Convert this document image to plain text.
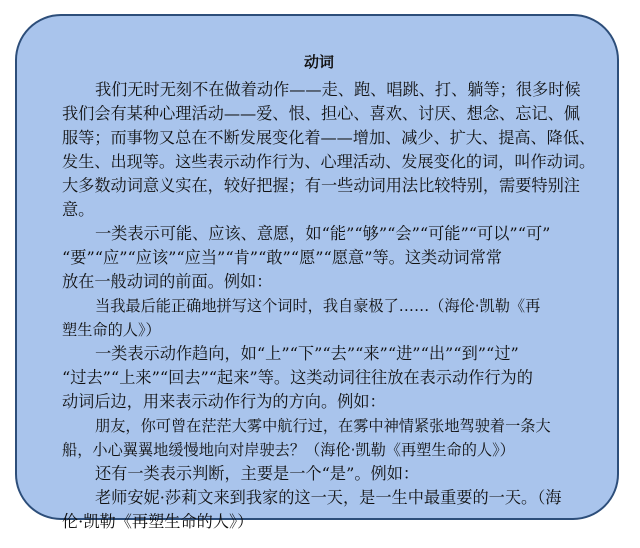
动词
我们无时无刻不在做着动作——走、跑、唱跳、打、躺等；很多时候
我们会有某种心理活动——爱、恨、担心、喜欢、讨厌、想念、忘记、佩
服等；而事物又总在不断发展变化着——增加、减少、扩大、提高、降低、
发生、出现等。这些表示动作行为、心理活动、发展变化的词，叫作动词。
大多数动词意义实在，较好把握；有一些动词用法比较特别，需要特别注
意。
一类表示可能、应该、意愿，如“能”“够”“会”“可能”“可以”“可”
“要”“应”“应该”“应当”“肯”“敢”“愿”“愿意”等。这类动词常常
放在一般动词的前面。例如：
当我最后能正确地拼写这个词时，我自豪极了……（海伦·凯勒《再
塑生命的人》）
一类表示动作趋向，如“上”“下”“去”“来”“进”“出”“到”“过”
“过去”“上来”“回去”“起来”等。这类动词往往放在表示动作行为的
动词后边，用来表示动作行为的方向。例如：
朋友，你可曾在茫茫大雾中航行过，在雾中神情紧张地驾驶着一条大
船，小心翼翼地缓慢地向对岸驶去？（海伦·凯勒《再塑生命的人》）
还有一类表示判断，主要是一个“是”。例如：
老师安妮·莎莉文来到我家的这一天，是一生中最重要的一天。（海
伦·凯勒《再塑生命的人》）
